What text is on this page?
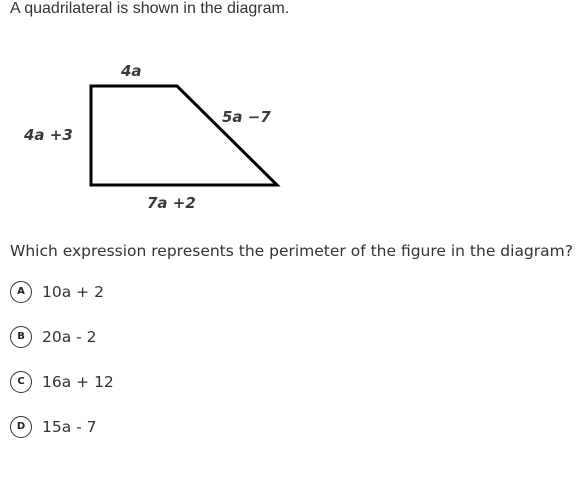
A quadrilateral is shown in the diagram.
4a
4a +3
5a −7
7a +2
Which expression represents the perimeter of the figure in the diagram?
A	10a + 2
B	20a - 2
C	16a + 12
D	15a - 7
